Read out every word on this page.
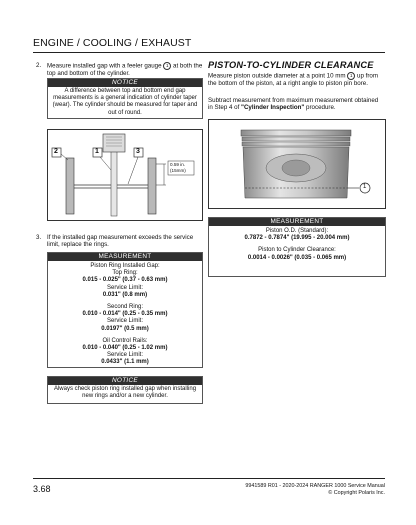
ENGINE / COOLING / EXHAUST
2. Measure installed gap with a feeler gauge 1 at both the top and bottom of the cylinder.
NOTICE
A difference between top and bottom end gap measurements is a general indication of cylinder taper (wear). The cylinder should be measured for taper and out of round.
2	1	3
0.59 in.
(15mm)
3. If the installed gap measurement exceeds the service limit, replace the rings.
MEASUREMENT
Piston Ring Installed Gap:
Top Ring:
0.015 - 0.025" (0.37 - 0.63 mm)
Service Limit:
0.031" (0.8 mm)
Second Ring:
0.010 - 0.014" (0.25 - 0.35 mm)
Service Limit:
0.0197" (0.5 mm)
Oil Control Rails:
0.010 - 0.040" (0.25 - 1.02 mm)
Service Limit:
0.0433" (1.1 mm)
NOTICE
Always check piston ring installed gap when installing new rings and/or a new cylinder.
PISTON-TO-CYLINDER CLEARANCE
Measure piston outside diameter at a point 10 mm 1 up from the bottom of the piston, at a right angle to piston pin bore.
Subtract measurement from maximum measurement obtained in Step 4 of "Cylinder Inspection" procedure.
1
MEASUREMENT
Piston O.D. (Standard):
0.7872 - 0.7874" (19.995 - 20.004 mm)
Piston to Cylinder Clearance:
0.0014 - 0.0026" (0.035 - 0.065 mm)
3.68	9941589 R01 - 2020-2024 RANGER 1000 Service Manual
© Copyright Polaris Inc.
